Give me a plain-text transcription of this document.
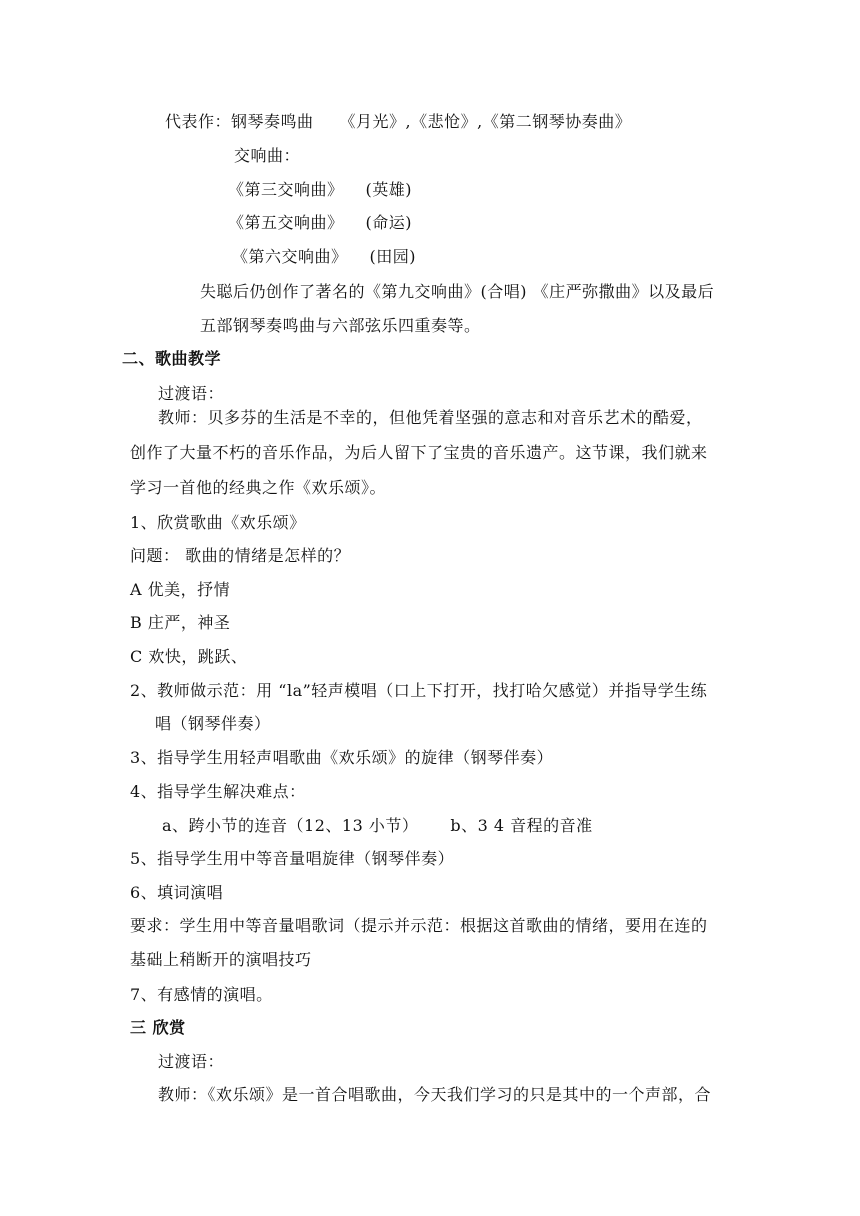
代表作：钢琴奏鸣曲 《月光》,《悲怆》,《第二钢琴协奏曲》
交响曲：
《第三交响曲》 (英雄)
《第五交响曲》 (命运)
《第六交响曲》 (田园)
失聪后仍创作了著名的《第九交响曲》(合唱) 《庄严弥撒曲》以及最后
五部钢琴奏鸣曲与六部弦乐四重奏等。
二、歌曲教学
过渡语：
教师：贝多芬的生活是不幸的，但他凭着坚强的意志和对音乐艺术的酷爱，
创作了大量不朽的音乐作品，为后人留下了宝贵的音乐遗产。这节课，我们就来
学习一首他的经典之作《欢乐颂》。
1、欣赏歌曲《欢乐颂》
问题： 歌曲的情绪是怎样的？
A 优美，抒情
B 庄严，神圣
C 欢快，跳跃、
2、教师做示范：用 “la”轻声模唱（口上下打开，找打哈欠感觉）并指导学生练
唱（钢琴伴奏）
3、指导学生用轻声唱歌曲《欢乐颂》的旋律（钢琴伴奏）
4、指导学生解决难点：
a、跨小节的连音（12、13 小节） b、3 4 音程的音准
5、指导学生用中等音量唱旋律（钢琴伴奏）
6、填词演唱
要求：学生用中等音量唱歌词（提示并示范：根据这首歌曲的情绪，要用在连的
基础上稍断开的演唱技巧
7、有感情的演唱。
三 欣赏
过渡语：
教师：《欢乐颂》是一首合唱歌曲，今天我们学习的只是其中的一个声部，合
